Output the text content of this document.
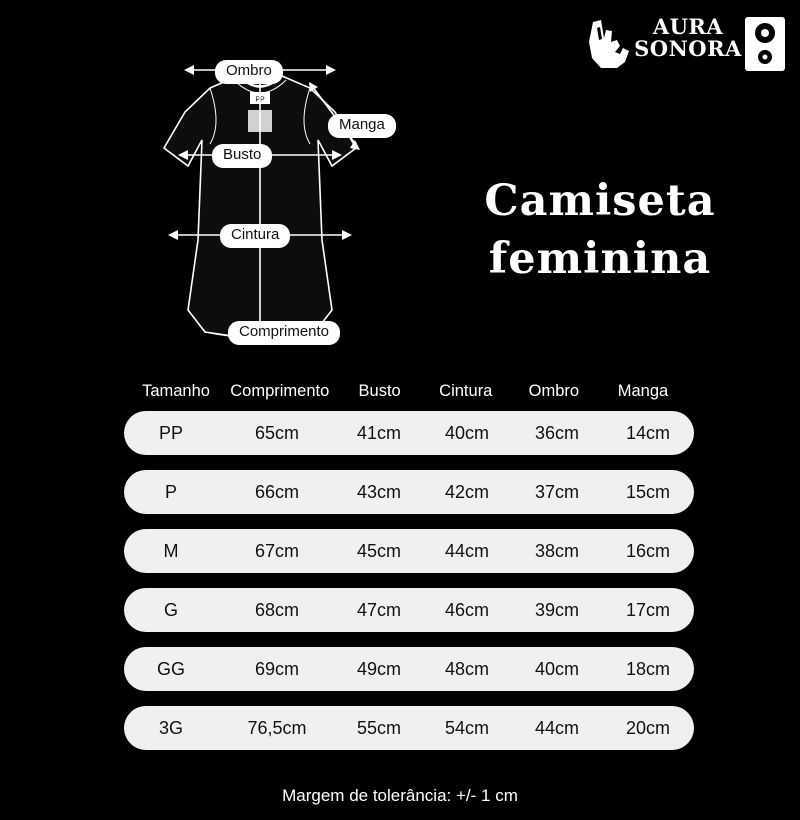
AURA
SONORA
PP
Ombro
Manga
Busto
Cintura
Comprimento
Camiseta
feminina
Tamanho	Comprimento	Busto	Cintura	Ombro	Manga
PP	65cm	41cm	40cm	36cm	14cm
P	66cm	43cm	42cm	37cm	15cm
M	67cm	45cm	44cm	38cm	16cm
G	68cm	47cm	46cm	39cm	17cm
GG	69cm	49cm	48cm	40cm	18cm
3G	76,5cm	55cm	54cm	44cm	20cm
Margem de tolerância: +/- 1 cm
